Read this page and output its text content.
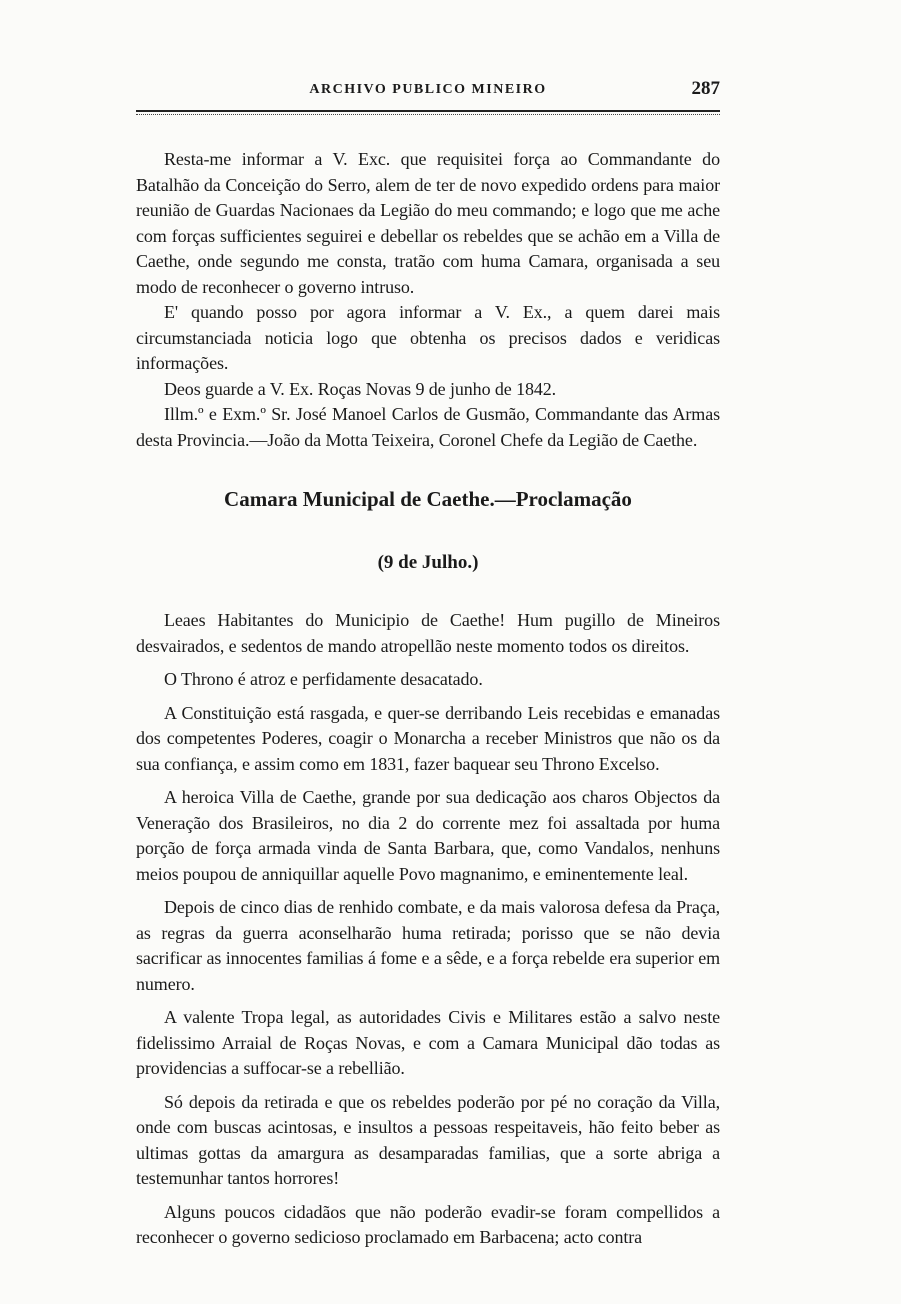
ARCHIVO PUBLICO MINEIRO	287

Resta-me informar a V. Exc. que requisitei força ao Commandante do Batalhão da Conceição do Serro, alem de ter de novo expedido ordens para maior reunião de Guardas Nacionaes da Legião do meu commando; e logo que me ache com forças sufficientes seguirei e debellar os rebeldes que se achão em a Villa de Caethe, onde segundo me consta, tratão com huma Camara, organisada a seu modo de reconhecer o governo intruso.

E' quando posso por agora informar a V. Ex., a quem darei mais circumstanciada noticia logo que obtenha os precisos dados e veridicas informações.

Deos guarde a V. Ex. Roças Novas 9 de junho de 1842.

Illm.º e Exm.º Sr. José Manoel Carlos de Gusmão, Commandante das Armas desta Provincia.—João da Motta Teixeira, Coronel Chefe da Legião de Caethe.

Camara Municipal de Caethe.—Proclamação
(9 de Julho.)

Leaes Habitantes do Municipio de Caethe! Hum pugillo de Mineiros desvairados, e sedentos de mando atropellão neste momento todos os direitos.

O Throno é atroz e perfidamente desacatado.

A Constituição está rasgada, e quer-se derribando Leis recebidas e emanadas dos competentes Poderes, coagir o Monarcha a receber Ministros que não os da sua confiança, e assim como em 1831, fazer baquear seu Throno Excelso.

A heroica Villa de Caethe, grande por sua dedicação aos charos Objectos da Veneração dos Brasileiros, no dia 2 do corrente mez foi assaltada por huma porção de força armada vinda de Santa Barbara, que, como Vandalos, nenhuns meios poupou de anniquillar aquelle Povo magnanimo, e eminentemente leal.

Depois de cinco dias de renhido combate, e da mais valorosa defesa da Praça, as regras da guerra aconselharão huma retirada; porisso que se não devia sacrificar as innocentes familias á fome e a sêde, e a força rebelde era superior em numero.

A valente Tropa legal, as autoridades Civis e Militares estão a salvo neste fidelissimo Arraial de Roças Novas, e com a Camara Municipal dão todas as providencias a suffocar-se a rebellião.

Só depois da retirada e que os rebeldes poderão por pé no coração da Villa, onde com buscas acintosas, e insultos a pessoas respeitaveis, hão feito beber as ultimas gottas da amargura as desamparadas familias, que a sorte abriga a testemunhar tantos horrores!

Alguns poucos cidadãos que não poderão evadir-se foram compellidos a reconhecer o governo sedicioso proclamado em Barbacena; acto contra
